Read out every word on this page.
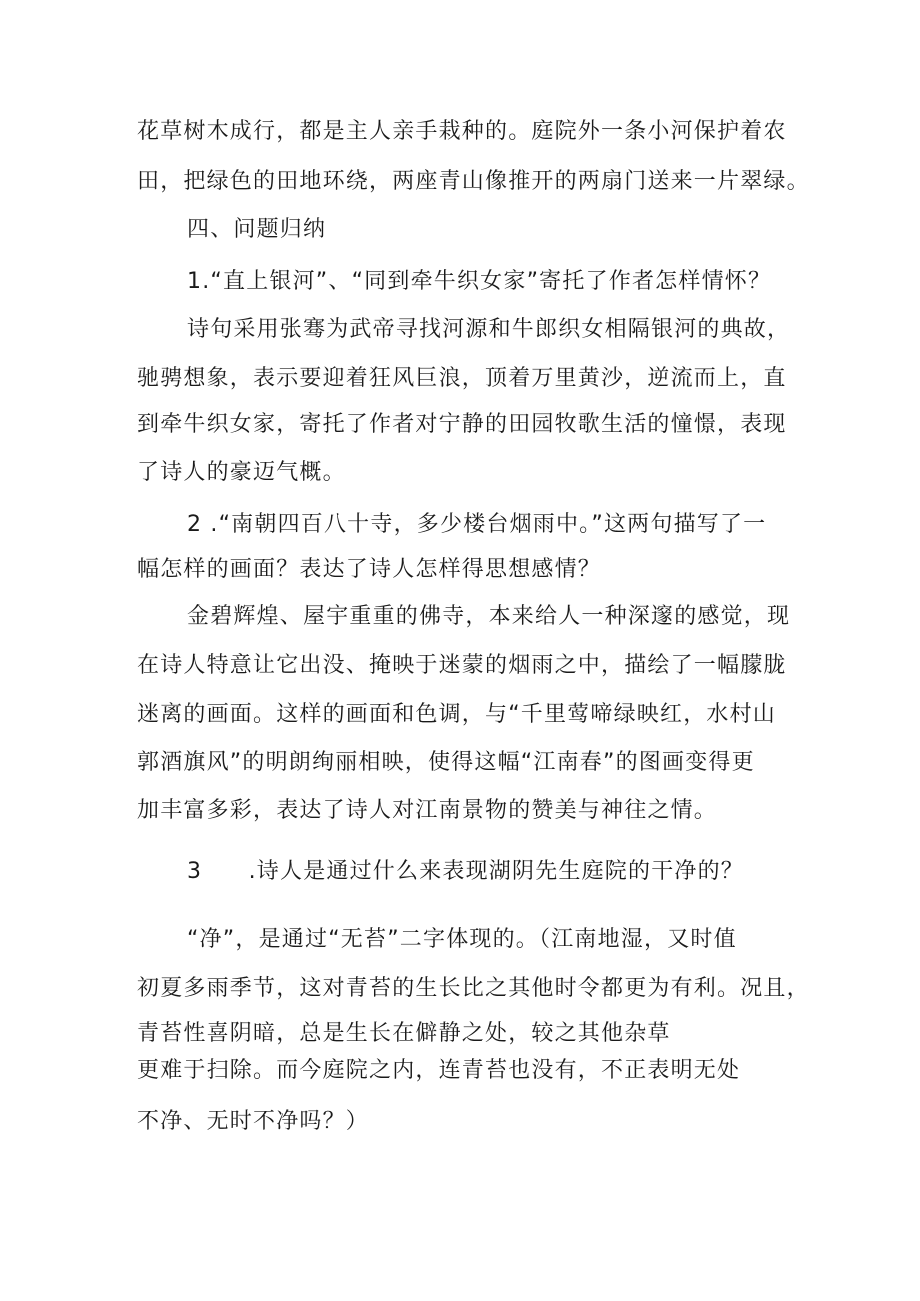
花草树木成行，都是主人亲手栽种的。庭院外一条小河保护着农
田，把绿色的田地环绕，两座青山像推开的两扇门送来一片翠绿。
四、问题归纳
1.“直上银河”、“同到牵牛织女家”寄托了作者怎样情怀？
诗句采用张骞为武帝寻找河源和牛郎织女相隔银河的典故，
驰骋想象，表示要迎着狂风巨浪，顶着万里黄沙，逆流而上，直
到牵牛织女家，寄托了作者对宁静的田园牧歌生活的憧憬，表现
了诗人的豪迈气概。
2 .“南朝四百八十寺，多少楼台烟雨中。”这两句描写了一
幅怎样的画面？表达了诗人怎样得思想感情？
金碧辉煌、屋宇重重的佛寺，本来给人一种深邃的感觉，现
在诗人特意让它出没、掩映于迷蒙的烟雨之中，描绘了一幅朦胧
迷离的画面。这样的画面和色调，与“千里莺啼绿映红，水村山
郭酒旗风”的明朗绚丽相映，使得这幅“江南春”的图画变得更
加丰富多彩，表达了诗人对江南景物的赞美与神往之情。
3　　.诗人是通过什么来表现湖阴先生庭院的干净的？
“净”，是通过“无苔”二字体现的。（江南地湿，又时值
初夏多雨季节，这对青苔的生长比之其他时令都更为有利。况且，
青苔性喜阴暗，总是生长在僻静之处，较之其他杂草
更难于扫除。而今庭院之内，连青苔也没有，不正表明无处
不净、无时不净吗？）
